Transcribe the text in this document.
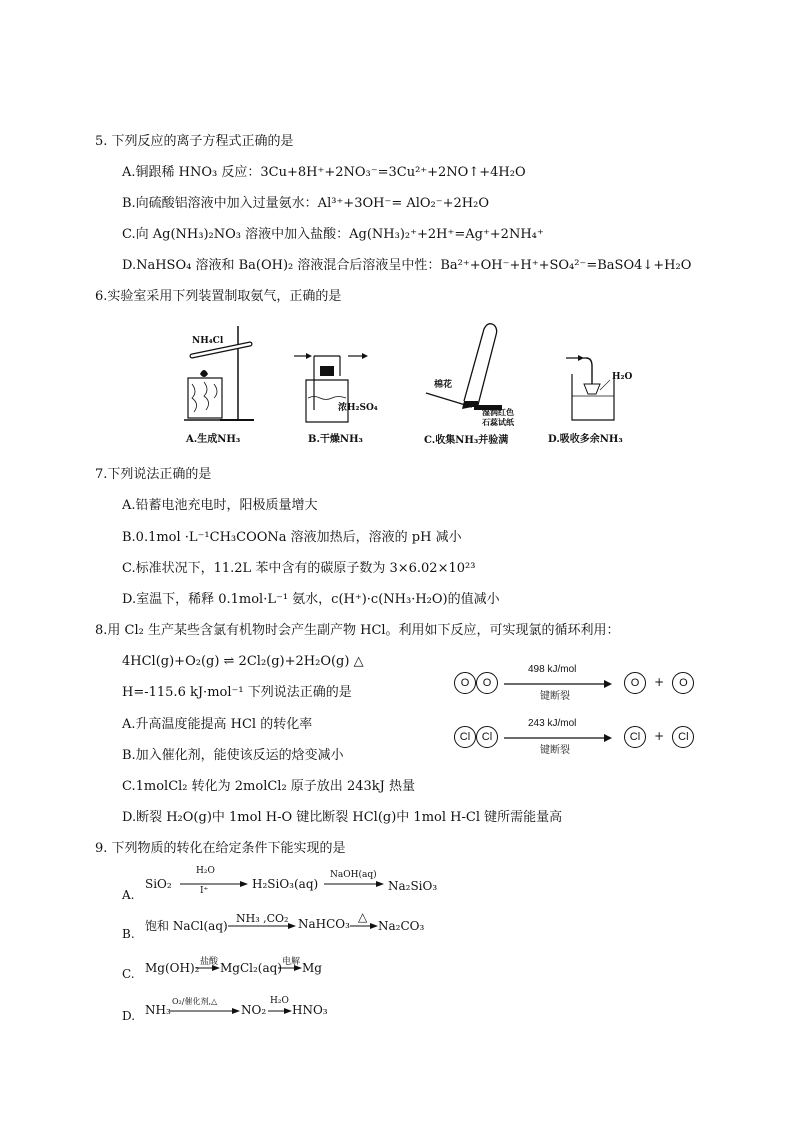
5. 下列反应的离子方程式正确的是
A.铜跟稀 HNO₃ 反应：3Cu+8H⁺+2NO₃⁻=3Cu²⁺+2NO↑+4H₂O
B.向硫酸铝溶液中加入过量氨水：Al³⁺+3OH⁻= AlO₂⁻+2H₂O
C.向 Ag(NH₃)₂NO₃ 溶液中加入盐酸：Ag(NH₃)₂⁺+2H⁺=Ag⁺+2NH₄⁺
D.NaHSO₄ 溶液和 Ba(OH)₂ 溶液混合后溶液呈中性：Ba²⁺+OH⁻+H⁺+SO₄²⁻=BaSO4↓+H₂O
6.实验室采用下列装置制取氨气，正确的是
NH₄Cl
A.生成NH₃
浓H₂SO₄
B.干燥NH₃
棉花
湿润红色
石蕊试纸
C.收集NH₃并验满
H₂O
D.吸收多余NH₃
7.下列说法正确的是
A.铅蓄电池充电时，阳极质量增大
B.0.1mol ·L⁻¹CH₃COONa 溶液加热后，溶液的 pH 减小
C.标准状况下，11.2L 苯中含有的碳原子数为 3×6.02×10²³
D.室温下，稀释 0.1mol·L⁻¹ 氨水，c(H⁺)·c(NH₃·H₂O)的值减小
8.用 Cl₂ 生产某些含氯有机物时会产生副产物 HCl。利用如下反应，可实现氯的循环利用：
4HCl(g)+O₂(g) ⇌ 2Cl₂(g)+2H₂O(g) △
H=-115.6 kJ·mol⁻¹ 下列说法正确的是
A.升高温度能提高 HCl 的转化率
B.加入催化剂，能使该反运的焓变减小
C.1molCl₂ 转化为 2molCl₂ 原子放出 243kJ 热量
D.断裂 H₂O(g)中 1mol H-O 键比断裂 HCl(g)中 1mol H-Cl 键所需能量高
O O
498 kJ/mol
键断裂
O + O
Cl Cl
243 kJ/mol
键断裂
Cl + Cl
9. 下列物质的转化在给定条件下能实现的是
A.
SiO₂
H₂O
I⁺	H₂SiO₃(aq)
NaOH(aq)
Na₂SiO₃
B.
饱和 NaCl(aq)
NH₃ ,CO₂ NaHCO₃ △
Na₂CO₃
C. Mg(OH)₂ 盐酸 MgCl₂(aq) 电解 Mg
D. NH₃
O₂/催化剂,△
NO₂
H₂O
HNO₃
